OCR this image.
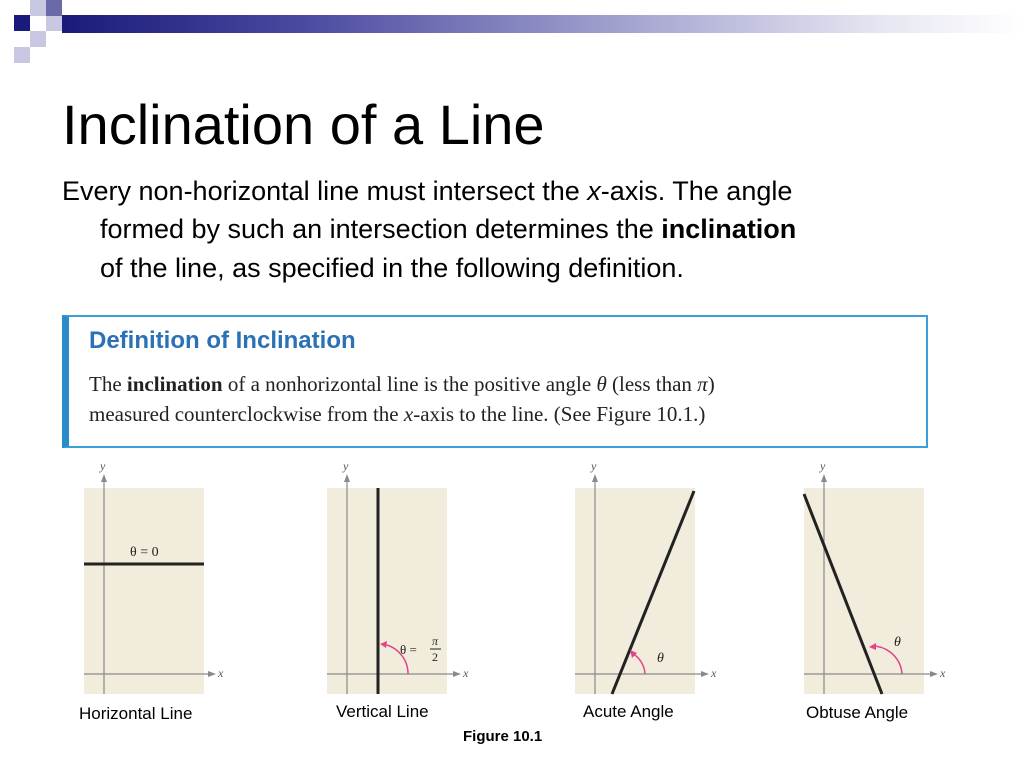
Inclination of a Line
Every non-horizontal line must intersect the x-axis. The angle
formed by such an intersection determines the inclination
of the line, as specified in the following definition.
Definition of Inclination
The inclination of a nonhorizontal line is the positive angle θ (less than π)
measured counterclockwise from the x-axis to the line. (See Figure 10.1.)
y
x
θ = 0
y
x
θ =
π
2
y
x
θ
y
x
θ
Horizontal Line	Vertical Line	Acute Angle	Obtuse Angle
Figure 10.1
